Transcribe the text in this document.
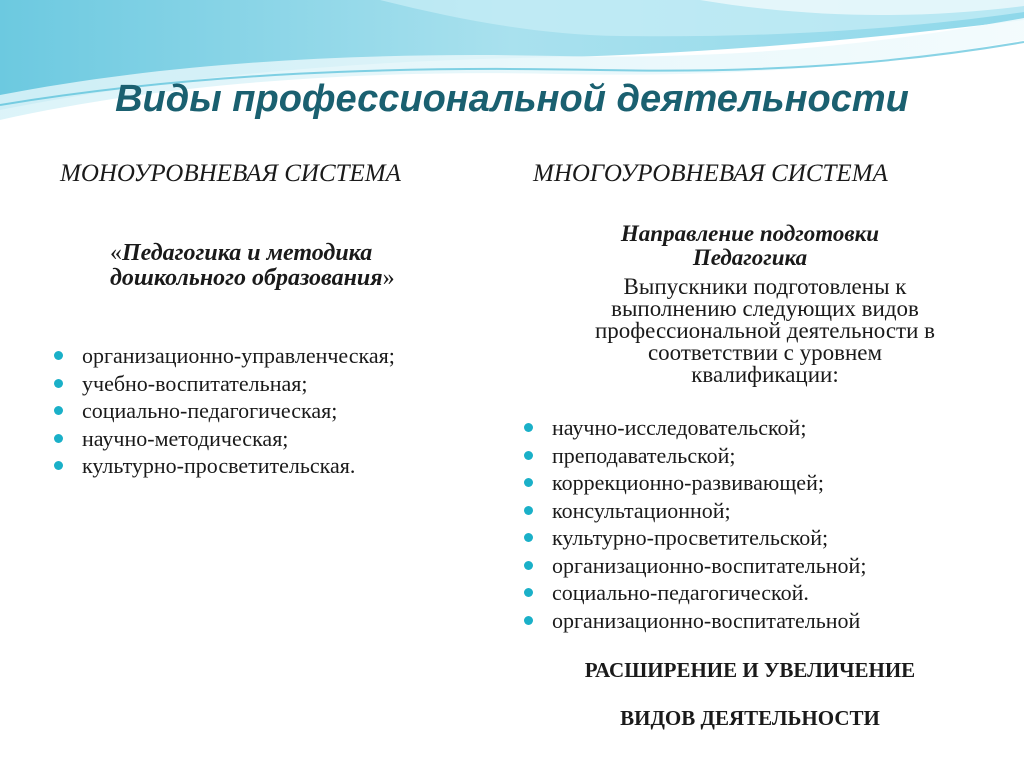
Виды профессиональной деятельности
МОНОУРОВНЕВАЯ СИСТЕМА	МНОГОУРОВНЕВАЯ СИСТЕМА
«Педагогика и методика
дошкольного образования»
организационно-управленческая;
учебно-воспитательная;
социально-педагогическая;
научно-методическая;
культурно-просветительская.
Направление подготовки
Педагогика
Выпускники подготовлены к
выполнению следующих видов
профессиональной деятельности в
соответствии с уровнем
квалификации:
научно-исследовательской;
преподавательской;
коррекционно-развивающей;
консультационной;
культурно-просветительской;
организационно-воспитательной;
социально-педагогической.
организационно-воспитательной
РАСШИРЕНИЕ И УВЕЛИЧЕНИЕ
ВИДОВ ДЕЯТЕЛЬНОСТИ
